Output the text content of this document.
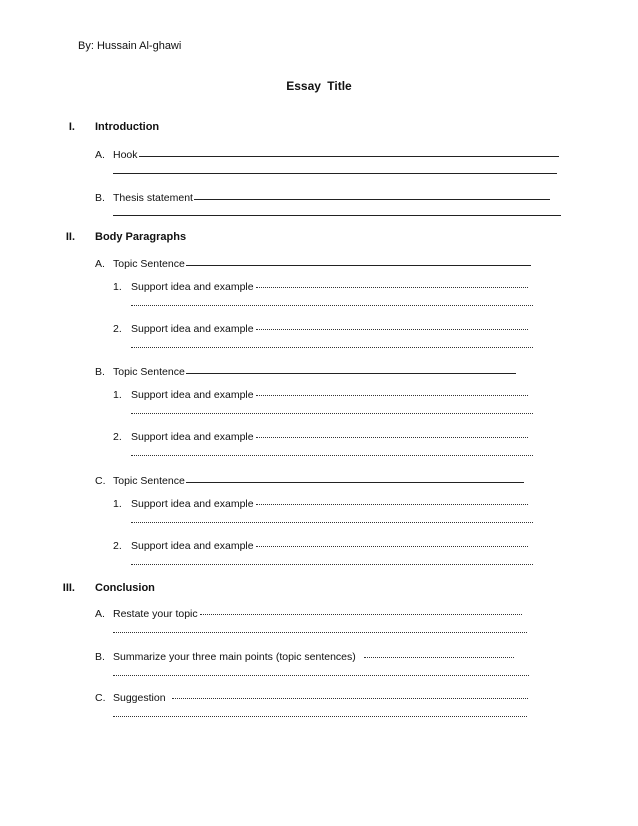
By: Hussain Al-ghawi
Essay Title
I. Introduction
A. Hook
B. Thesis statement
II. Body Paragraphs
A. Topic Sentence
1. Support idea and example
2. Support idea and example
B. Topic Sentence
1. Support idea and example
2. Support idea and example
C. Topic Sentence
1. Support idea and example
2. Support idea and example
III. Conclusion
A. Restate your topic
B. Summarize your three main points (topic sentences)
C. Suggestion
